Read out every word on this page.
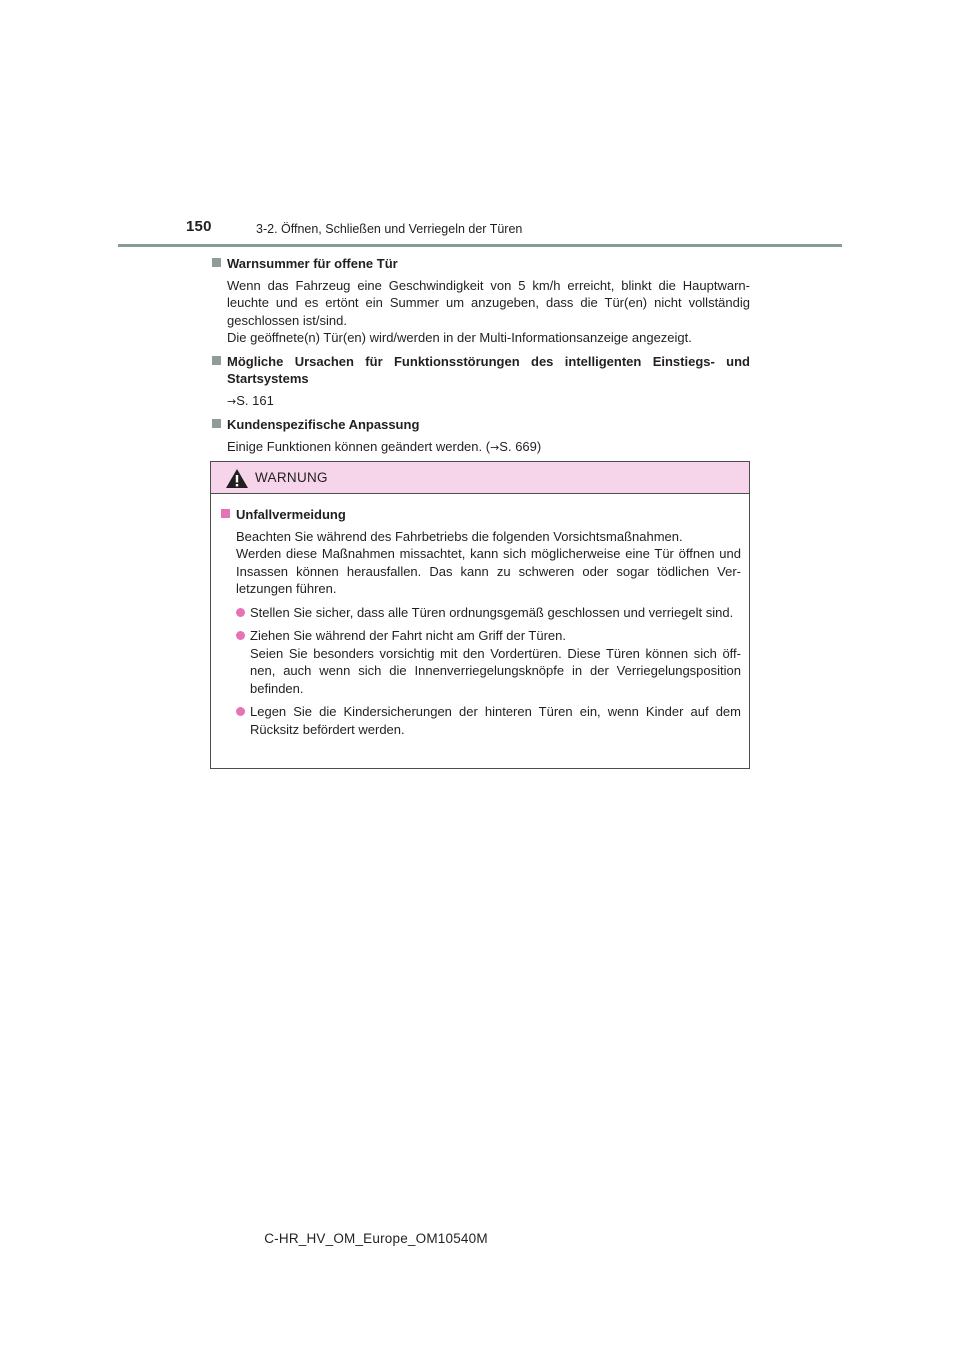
150	3-2. Öffnen, Schließen und Verriegeln der Türen
Warnsummer für offene Tür
Wenn das Fahrzeug eine Geschwindigkeit von 5 km/h erreicht, blinkt die Hauptwarn-leuchte und es ertönt ein Summer um anzugeben, dass die Tür(en) nicht vollständig geschlossen ist/sind.
Die geöffnete(n) Tür(en) wird/werden in der Multi-Informationsanzeige angezeigt.
Mögliche Ursachen für Funktionsstörungen des intelligenten Einstiegs- und Startsystems
→S. 161
Kundenspezifische Anpassung
Einige Funktionen können geändert werden. (→S. 669)
WARNUNG
Unfallvermeidung
Beachten Sie während des Fahrbetriebs die folgenden Vorsichtsmaßnahmen.
Werden diese Maßnahmen missachtet, kann sich möglicherweise eine Tür öffnen und Insassen können herausfallen. Das kann zu schweren oder sogar tödlichen Ver-letzungen führen.
Stellen Sie sicher, dass alle Türen ordnungsgemäß geschlossen und verriegelt sind.
Ziehen Sie während der Fahrt nicht am Griff der Türen.
Seien Sie besonders vorsichtig mit den Vordertüren. Diese Türen können sich öff-nen, auch wenn sich die Innenverriegelungsknöpfe in der Verriegelungsposition befinden.
Legen Sie die Kindersicherungen der hinteren Türen ein, wenn Kinder auf dem Rücksitz befördert werden.
C-HR_HV_OM_Europe_OM10540M
